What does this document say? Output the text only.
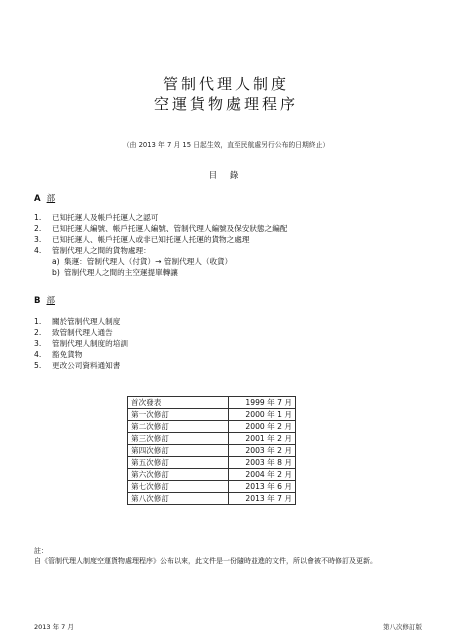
管制代理人制度
空運貨物處理程序
（由 2013 年 7 月 15 日起生效，直至民航處另行公布的日期終止）
目 錄
A 部
1.	已知托運人及帳戶托運人之認可
2.	已知托運人編號、帳戶托運人編號、管制代理人編號及保安狀態之編配
3.	已知托運人、帳戶托運人或非已知托運人托運的貨物之處理
4.	管制代理人之間的貨物處理：
a) 集運：管制代理人（付貨）→ 管制代理人（收貨）
b) 管制代理人之間的主空運提單轉讓
B 部
1.	關於管制代理人制度
2.	致管制代理人通告
3.	管制代理人制度的培訓
4.	豁免貨物
5.	更改公司資料通知書
首次發表	1999 年 7 月
第一次修訂	2000 年 1 月
第二次修訂	2000 年 2 月
第三次修訂	2001 年 2 月
第四次修訂	2003 年 2 月
第五次修訂	2003 年 8 月
第六次修訂	2004 年 2 月
第七次修訂	2013 年 6 月
第八次修訂	2013 年 7 月
註：
自《管制代理人制度空運貨物處理程序》公布以來，此文件是一份隨時並進的文件，所以會被不時修訂及更新。
2013 年 7 月	第八次修訂版
